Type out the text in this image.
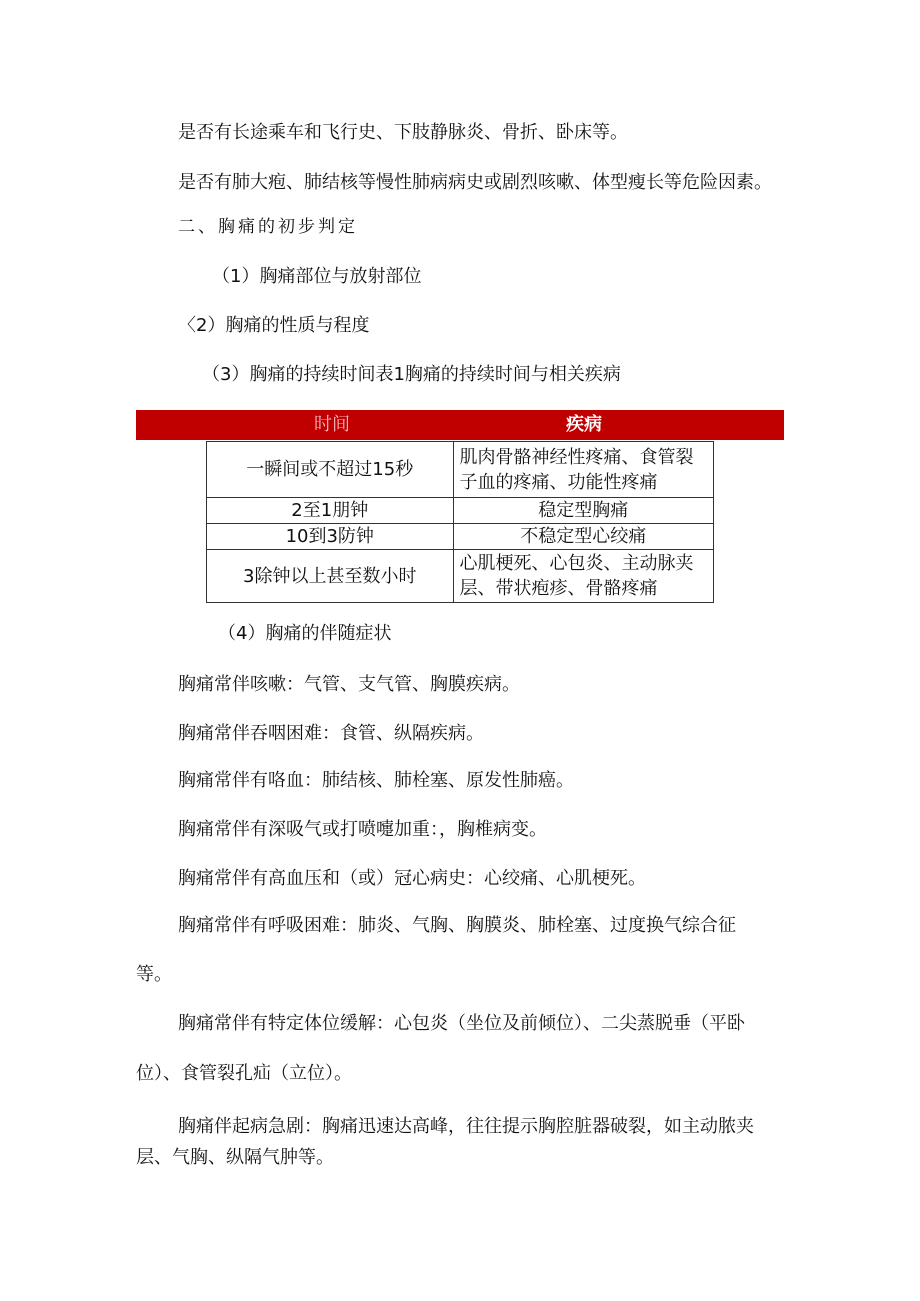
是否有长途乘车和飞行史、下肢静脉炎、骨折、卧床等。
是否有肺大疱、肺结核等慢性肺病病史或剧烈咳嗽、体型瘦长等危险因素。
二、胸痛的初步判定
（1）胸痛部位与放射部位
〈2）胸痛的性质与程度
（3）胸痛的持续时间表1胸痛的持续时间与相关疾病
时间	疾病
一瞬间或不超过15秒	肌肉骨骼神经性疼痛、食管裂
子血的疼痛、功能性疼痛

2至1朋钟	稳定型胸痛
10到3防钟	不稳定型心绞痛
3除钟以上甚至数小时	心肌梗死、心包炎、主动脉夹
层、带状疱疹、骨骼疼痛
（4）胸痛的伴随症状
胸痛常伴咳嗽：气管、支气管、胸膜疾病。
胸痛常伴吞咽困难：食管、纵隔疾病。
胸痛常伴有咯血：肺结核、肺栓塞、原发性肺癌。
胸痛常伴有深吸气或打喷嚏加重：，胸椎病变。
胸痛常伴有高血压和（或）冠心病史：心绞痛、心肌梗死。
胸痛常伴有呼吸困难：肺炎、气胸、胸膜炎、肺栓塞、过度换气综合征
等。
胸痛常伴有特定体位缓解：心包炎（坐位及前倾位）、二尖蒸脱垂（平卧
位）、食管裂孔疝（立位）。
胸痛伴起病急剧：胸痛迅速达高峰，往往提示胸腔脏器破裂，如主动脓夹
层、气胸、纵隔气肿等。
